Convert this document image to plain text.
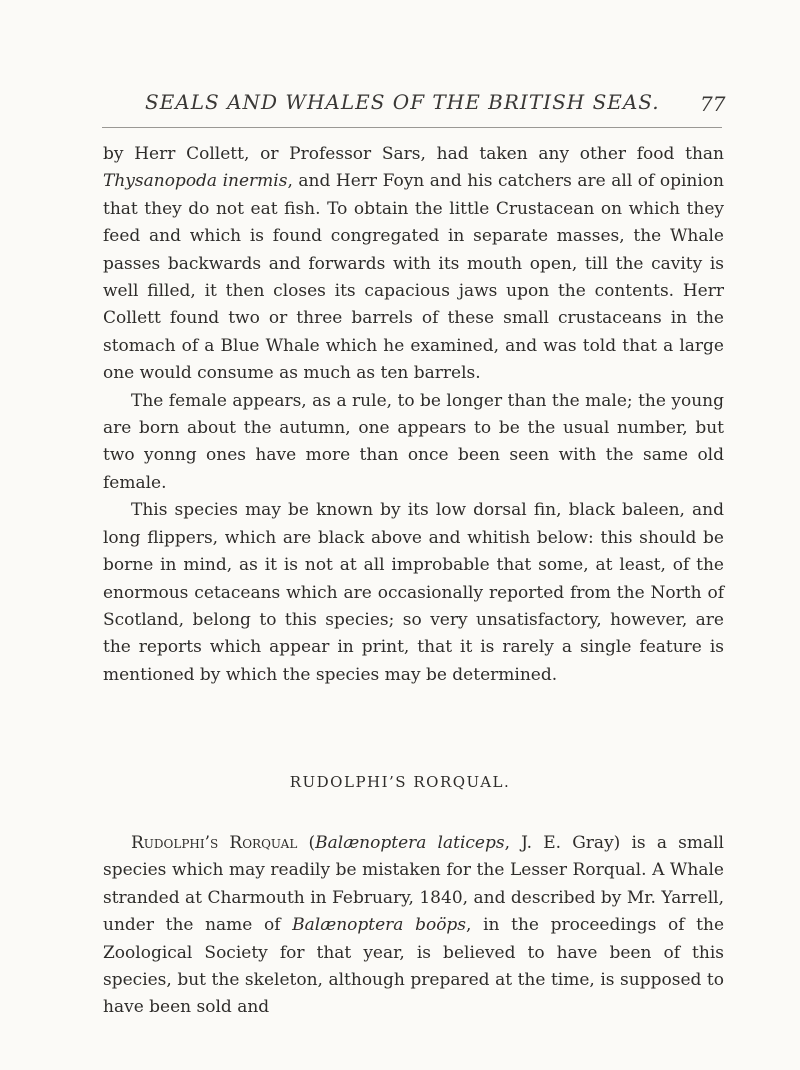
SEALS AND WHALES OF THE BRITISH SEAS. 77

by Herr Collett, or Professor Sars, had taken any other food than Thysanopoda inermis, and Herr Foyn and his catchers are all of opinion that they do not eat fish. To obtain the little Crustacean on which they feed and which is found congregated in separate masses, the Whale passes backwards and forwards with its mouth open, till the cavity is well filled, it then closes its capacious jaws upon the contents. Herr Collett found two or three barrels of these small crustaceans in the stomach of a Blue Whale which he examined, and was told that a large one would consume as much as ten barrels.

The female appears, as a rule, to be longer than the male; the young are born about the autumn, one appears to be the usual number, but two yonng ones have more than once been seen with the same old female.

This species may be known by its low dorsal fin, black baleen, and long flippers, which are black above and whitish below: this should be borne in mind, as it is not at all improbable that some, at least, of the enormous cetaceans which are occasionally reported from the North of Scotland, belong to this species; so very unsatisfactory, however, are the reports which appear in print, that it is rarely a single feature is mentioned by which the species may be determined.

RUDOLPHI’S RORQUAL.

Rudolphi’s Rorqual (Balænoptera laticeps, J. E. Gray) is a small species which may readily be mistaken for the Lesser Rorqual. A Whale stranded at Charmouth in February, 1840, and described by Mr. Yarrell, under the name of Balænoptera boöps, in the proceedings of the Zoological Society for that year, is believed to have been of this species, but the skeleton, although prepared at the time, is supposed to have been sold and
